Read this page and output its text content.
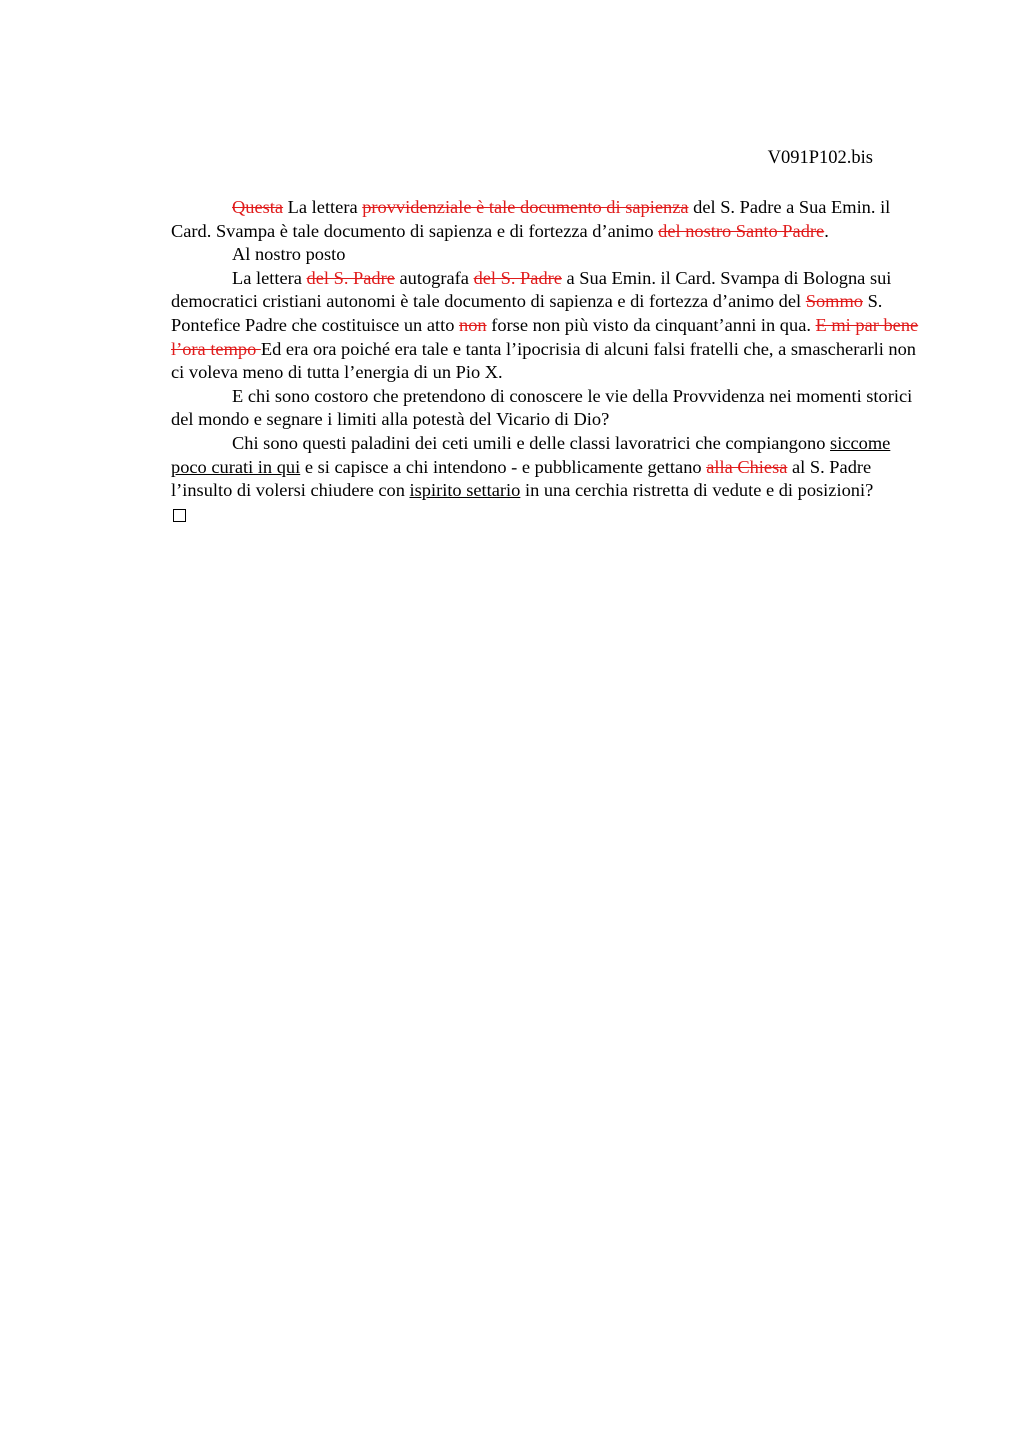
V091P102.bis

Questa La lettera provvidenziale è tale documento di sapienza del S. Padre a Sua Emin. il Card. Svampa è tale documento di sapienza e di fortezza d’animo del nostro Santo Padre.

Al nostro posto

La lettera del S. Padre autografa del S. Padre a Sua Emin. il Card. Svampa di Bologna sui democratici cristiani autonomi è tale documento di sapienza e di fortezza d’animo del Sommo S. Pontefice Padre che costituisce un atto non forse non più visto da cinquant’anni in qua. E mi par bene l’ora tempo Ed era ora poiché era tale e tanta l’ipocrisia di alcuni falsi fratelli che, a smascherarli non ci voleva meno di tutta l’energia di un Pio X.

E chi sono costoro che pretendono di conoscere le vie della Provvidenza nei momenti storici del mondo e segnare i limiti alla potestà del Vicario di Dio?

Chi sono questi paladini dei ceti umili e delle classi lavoratrici che compiangono siccome poco curati in qui e si capisce a chi intendono - e pubblicamente gettano alla Chiesa al S. Padre l’insulto di volersi chiudere con ispirito settario in una cerchia ristretta di vedute e di posizioni?
